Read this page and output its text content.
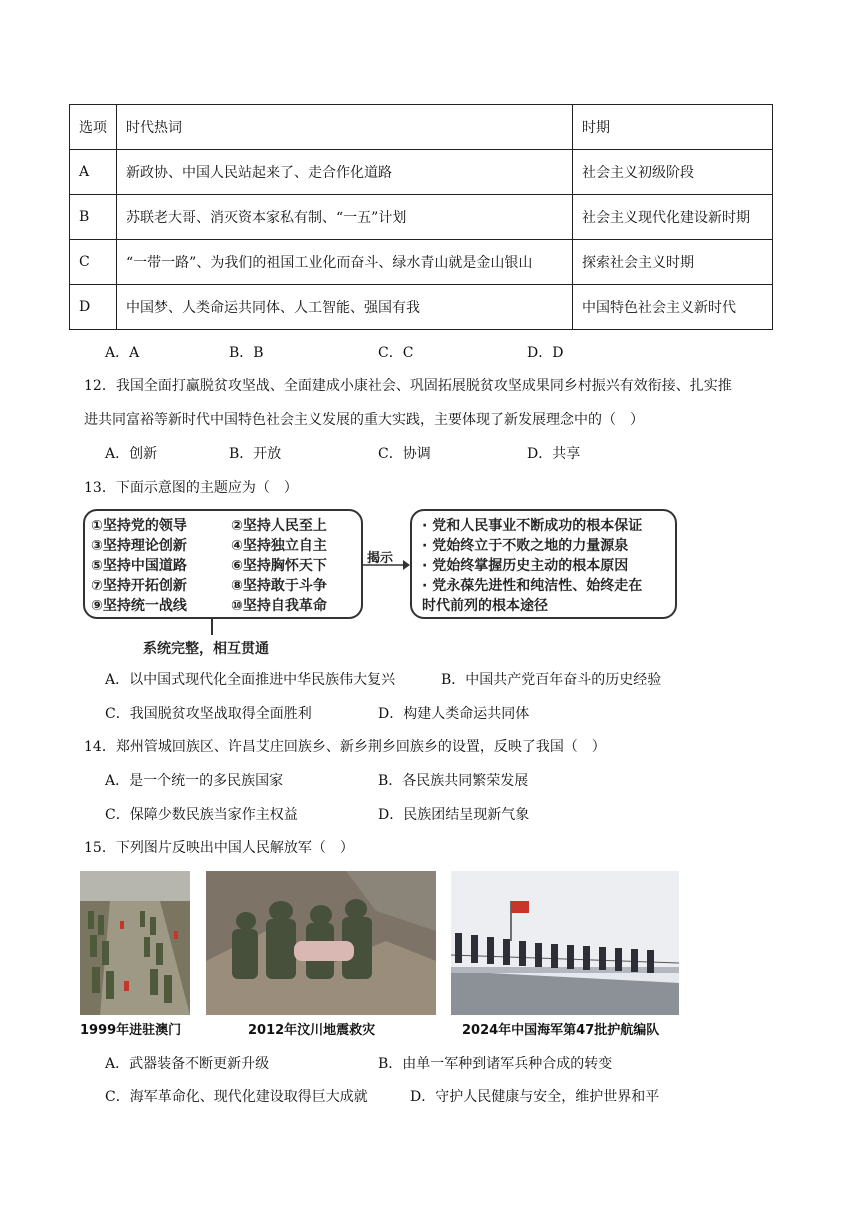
选项	时代热词	时期
A	新政协、中国人民站起来了、走合作化道路	社会主义初级阶段
B	苏联老大哥、消灭资本家私有制、“一五”计划	社会主义现代化建设新时期
C	“一带一路”、为我们的祖国工业化而奋斗、绿水青山就是金山银山	探索社会主义时期
D	中国梦、人类命运共同体、人工智能、强国有我	中国特色社会主义新时代
A．A	B．B	C．C	D．D
12．我国全面打赢脱贫攻坚战、全面建成小康社会、巩固拓展脱贫攻坚成果同乡村振兴有效衔接、扎实推
进共同富裕等新时代中国特色社会主义发展的重大实践，主要体现了新发展理念中的（　）
A．创新	B．开放	C．协调	D．共享
13．下面示意图的主题应为（　）
①坚持党的领导	②坚持人民至上
③坚持理论创新	④坚持独立自主
⑤坚持中国道路	⑥坚持胸怀天下
⑦坚持开拓创新	⑧坚持敢于斗争
⑨坚持统一战线	⑩坚持自我革命
系统完整，相互贯通
揭示
· 党和人民事业不断成功的根本保证
· 党始终立于不败之地的力量源泉
· 党始终掌握历史主动的根本原因
· 党永葆先进性和纯洁性、始终走在
时代前列的根本途径
A．以中国式现代化全面推进中华民族伟大复兴	B．中国共产党百年奋斗的历史经验
C．我国脱贫攻坚战取得全面胜利	D．构建人类命运共同体
14．郑州管城回族区、许昌艾庄回族乡、新乡荆乡回族乡的设置，反映了我国（　）
A．是一个统一的多民族国家	B．各民族共同繁荣发展
C．保障少数民族当家作主权益	D．民族团结呈现新气象
15．下列图片反映出中国人民解放军（　）
1999年进驻澳门	2012年汶川地震救灾	2024年中国海军第47批护航编队
A．武器装备不断更新升级	B．由单一军种到诸军兵种合成的转变
C．海军革命化、现代化建设取得巨大成就	D．守护人民健康与安全，维护世界和平
